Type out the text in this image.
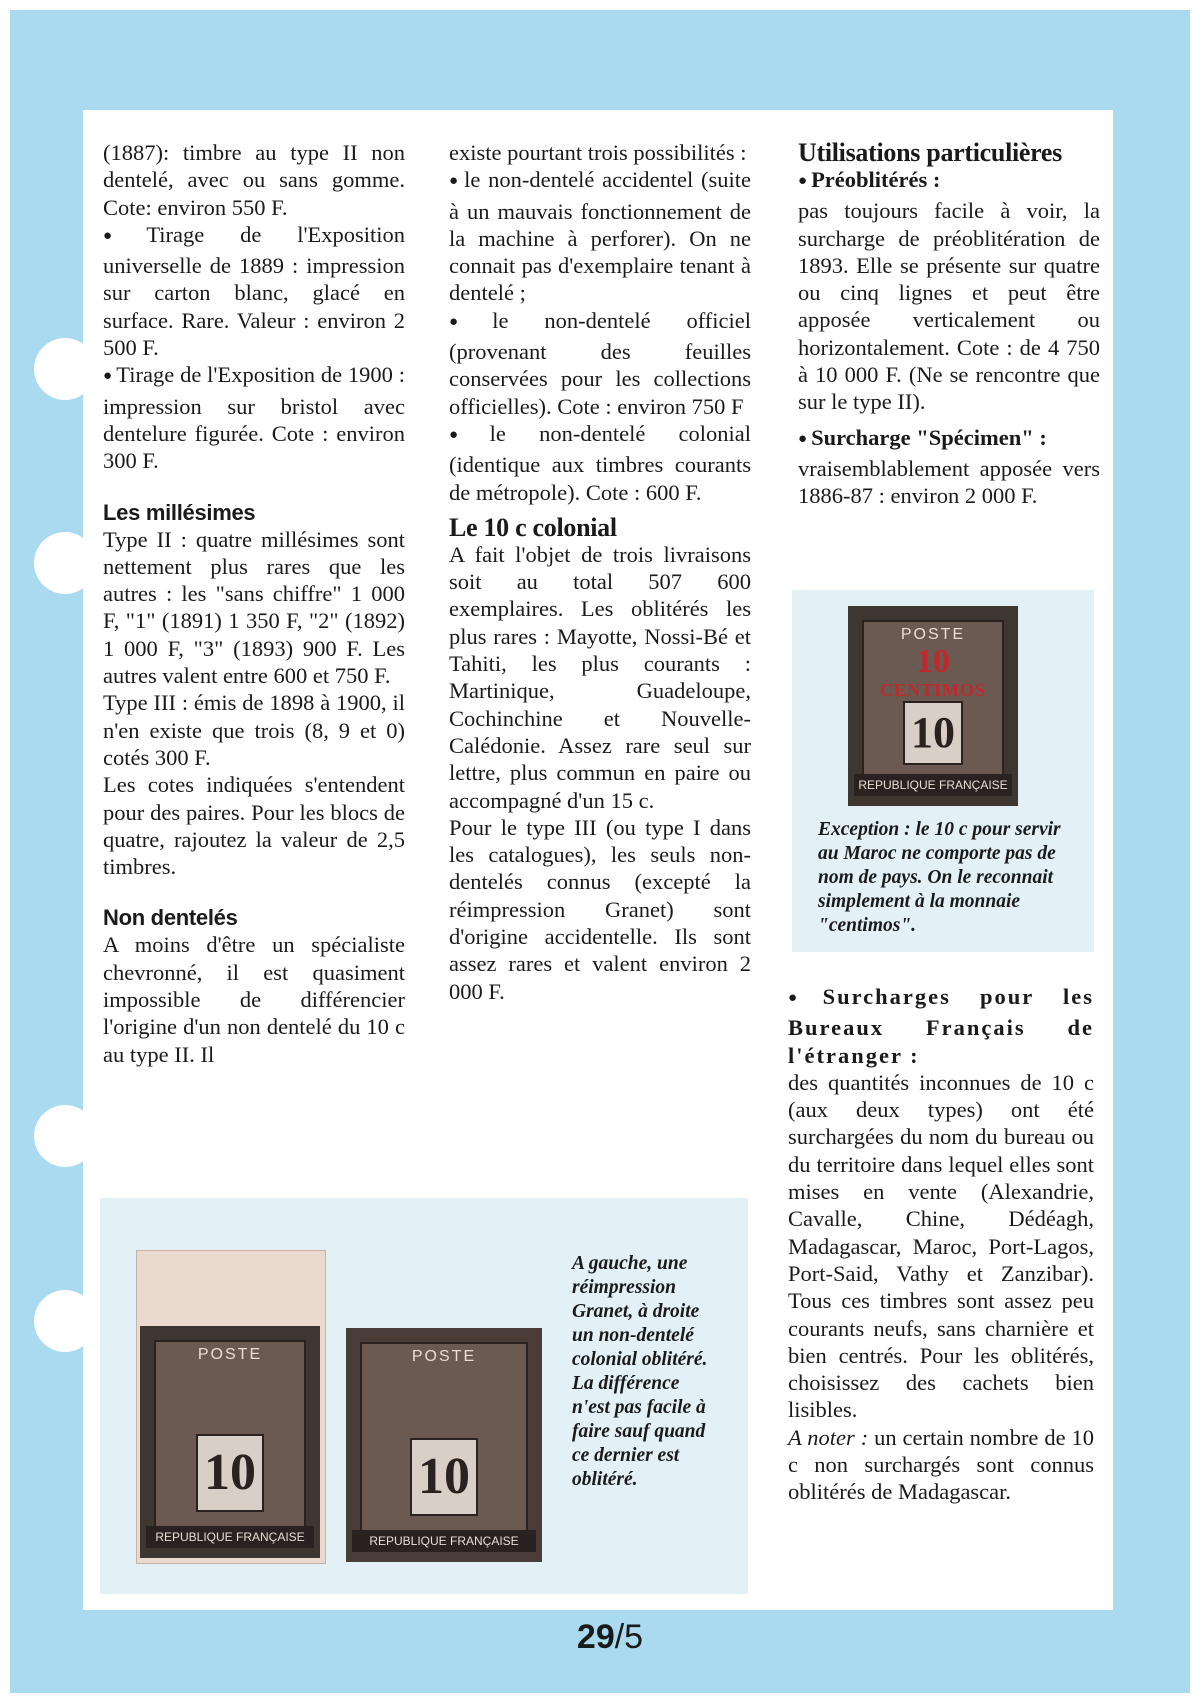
(1887): timbre au type II non dentelé, avec ou sans gomme. Cote: environ 550 F.

● Tirage de l'Exposition universelle de 1889 : impression sur carton blanc, glacé en surface. Rare. Valeur : environ 2 500 F.

● Tirage de l'Exposition de 1900 : impression sur bristol avec dentelure figurée. Cote : environ 300 F.

Les millésimes

Type II : quatre millésimes sont nettement plus rares que les autres : les "sans chiffre" 1 000 F, "1" (1891) 1 350 F, "2" (1892) 1 000 F, "3" (1893) 900 F. Les autres valent entre 600 et 750 F.

Type III : émis de 1898 à 1900, il n'en existe que trois (8, 9 et 0) cotés 300 F.

Les cotes indiquées s'entendent pour des paires. Pour les blocs de quatre, rajoutez la valeur de 2,5 timbres.

Non dentelés

A moins d'être un spécialiste chevronné, il est quasiment impossible de différencier l'origine d'un non dentelé du 10 c au type II. Il

existe pourtant trois possibilités :

● le non-dentelé accidentel (suite à un mauvais fonctionnement de la machine à perforer). On ne connait pas d'exemplaire tenant à dentelé ;

● le non-dentelé officiel (provenant des feuilles conservées pour les collections officielles). Cote : environ 750 F

● le non-dentelé colonial (identique aux timbres courants de métropole). Cote : 600 F.

Le 10 c colonial

A fait l'objet de trois livraisons soit au total 507 600 exemplaires. Les oblitérés les plus rares : Mayotte, Nossi-Bé et Tahiti, les plus courants : Martinique, Guadeloupe, Cochinchine et Nouvelle-Calédonie. Assez rare seul sur lettre, plus commun en paire ou accompagné d'un 15 c.

Pour le type III (ou type I dans les catalogues), les seuls non-dentelés connus (excepté la réimpression Granet) sont d'origine accidentelle. Ils sont assez rares et valent environ 2 000 F.

Utilisations particulières

● Préoblitérés :

pas toujours facile à voir, la surcharge de préoblitération de 1893. Elle se présente sur quatre ou cinq lignes et peut être apposée verticalement ou horizontalement. Cote : de 4 750 à 10 000 F. (Ne se rencontre que sur le type II).

● Surcharge "Spécimen" :

vraisemblablement apposée vers 1886-87 : environ 2 000 F.

POSTE
10
REPUBLIQUE FRANÇAISE
10
CENTIMOS

Exception : le 10 c pour servir au Maroc ne comporte pas de nom de pays. On le reconnait simplement à la monnaie "centimos".

● Surcharges pour les Bureaux Français de l'étranger :

des quantités inconnues de 10 c (aux deux types) ont été surchargées du nom du bureau ou du territoire dans lequel elles sont mises en vente (Alexandrie, Cavalle, Chine, Dédéagh, Madagascar, Maroc, Port-Lagos, Port-Said, Vathy et Zanzibar). Tous ces timbres sont assez peu courants neufs, sans charnière et bien centrés. Pour les oblitérés, choisissez des cachets bien lisibles.

A noter : un certain nombre de 10 c non surchargés sont connus oblitérés de Madagascar.

POSTE
10
REPUBLIQUE FRANÇAISE
POSTE
10
REPUBLIQUE FRANÇAISE

A gauche, une réimpression Granet, à droite un non-dentelé colonial oblitéré. La différence n'est pas facile à faire sauf quand ce dernier est oblitéré.

29/5
